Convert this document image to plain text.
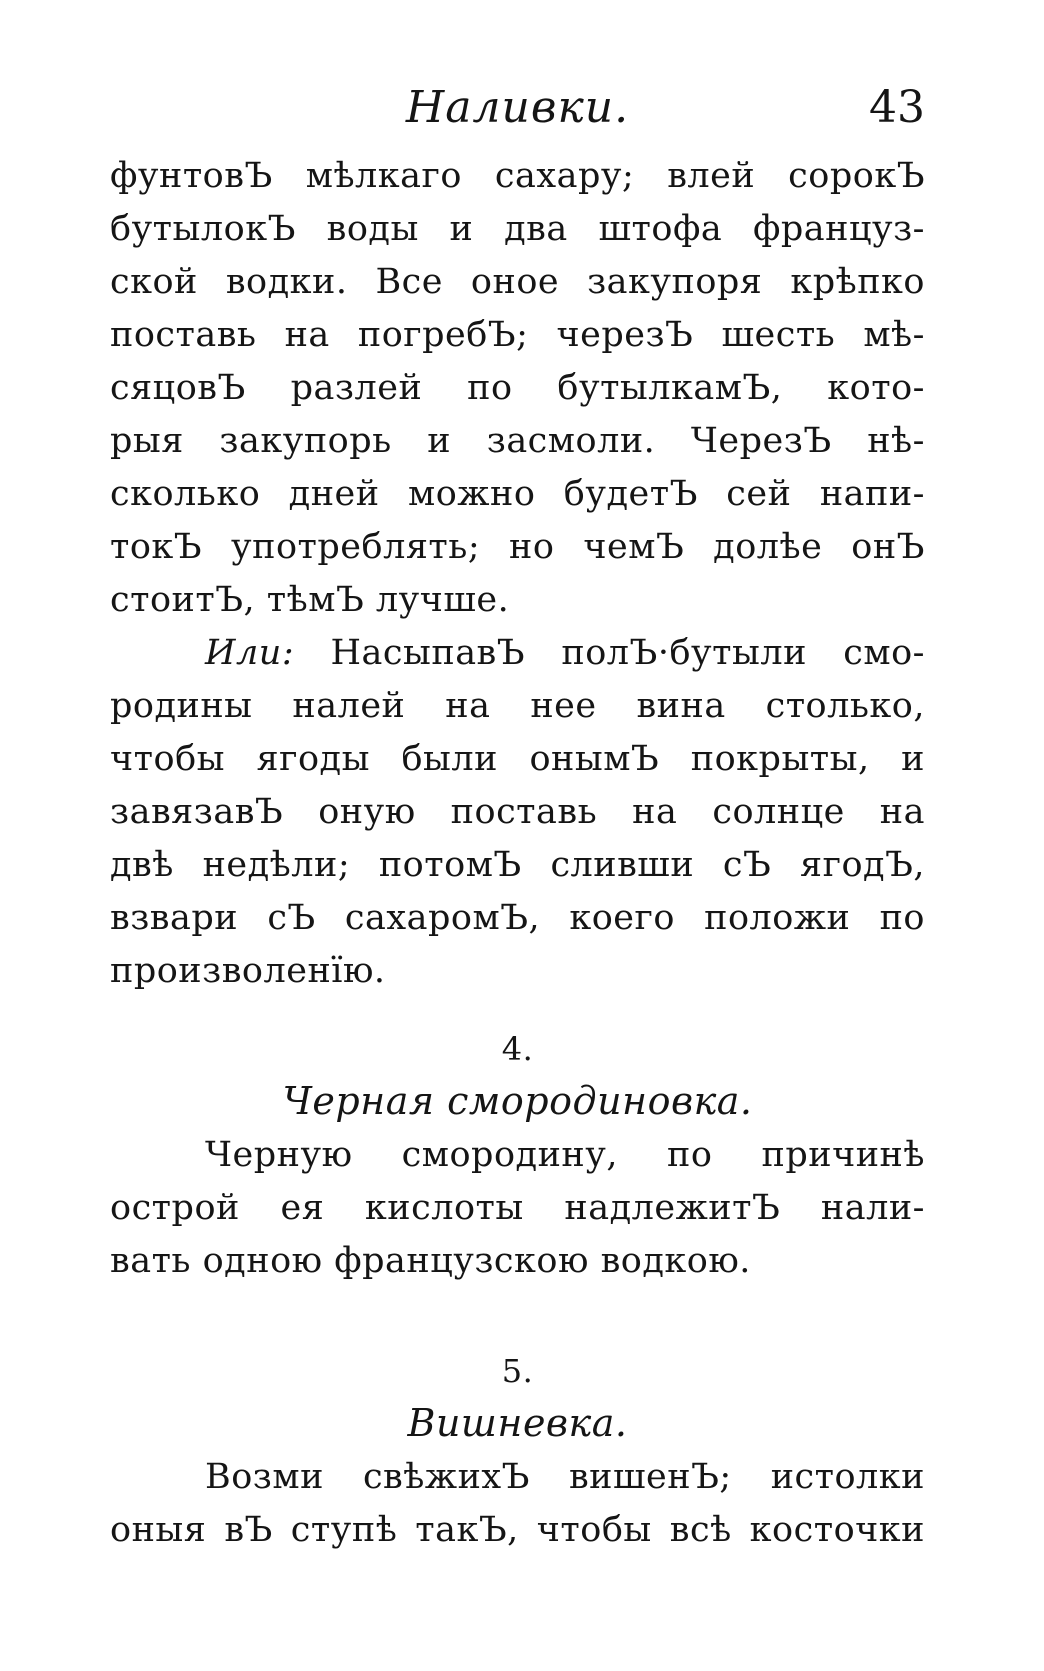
Наливки.	43
фунтовЪ мѣлкаго сахару; влей сорокЪ
бутылокЪ воды и два штофа француз-
ской водки. Все оное закупоря крѣпко
поставь на погребЪ; черезЪ шесть мѣ-
сяцовЪ разлей по бутылкамЪ, кото-
рыя закупорь и засмоли. ЧерезЪ нѣ-
сколько дней можно будетЪ сей напи-
токЪ употреблять; но чемЪ долѣе онЪ
стоитЪ, тѣмЪ лучше.
Или: НасыпавЪ полЪ·бутыли смо-
родины налей на нее вина столько,
чтобы ягоды были онымЪ покрыты, и
завязавЪ оную поставь на солнце на
двѣ недѣли; потомЪ сливши сЪ ягодЪ,
взвари сЪ сахаромЪ, коего положи по
произволенїю.
4.
Черная смородиновка.
Черную смородину, по причинѣ
острой ея кислоты надлежитЪ нали-
вать одною французскою водкою.
5.
Вишневка.
Возми свѣжихЪ вишенЪ; истолки
оныя вЪ ступѣ такЪ, чтобы всѣ косточки
